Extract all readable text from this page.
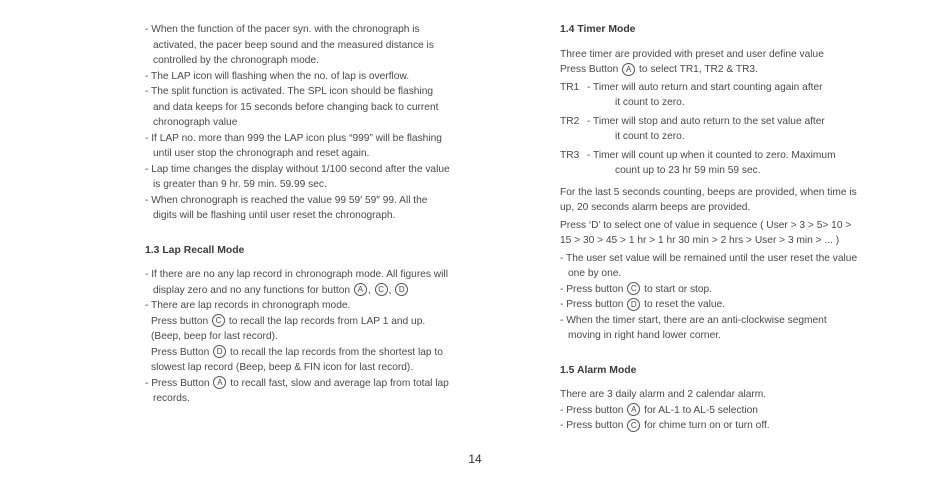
- When the function of the pacer syn. with the chronograph is activated, the pacer beep sound and the measured distance is controlled by the chronograph mode.

- The LAP icon will flashing when the no. of lap is overflow.

- The split function is activated. The SPL icon should be flashing and data keeps for 15 seconds before changing back to current chronograph value

- If LAP no. more than 999 the LAP icon plus “999” will be flashing until user stop the chronograph and reset again.

- Lap time changes the display without 1/100 second after the value is greater than 9 hr. 59 min. 59.99 sec.

- When chronograph is reached the value 99 59′ 59″ 99. All the digits will be flashing until user reset the chronograph.

1.3 Lap Recall Mode

- If there are no any lap record in chronograph mode. All figures will display zero and no any functions for button A , C , D

- There are lap records in chronograph mode.

Press button C to recall the lap records from LAP 1 and up. (Beep, beep for last record).

Press Button D to recall the lap records from the shortest lap to slowest lap record (Beep, beep & FIN icon for last record).

- Press Button A to recall fast, slow and average lap from total lap records.

1.4 Timer Mode

Three timer are provided with preset and user define value

Press Button A to select TR1, TR2 & TR3.

TR1 - Timer will auto return and start counting again after
it count to zero.
TR2 - Timer will stop and auto return to the set value after
it count to zero.
TR3 - Timer will count up when it counted to zero. Maximum
count up to 23 hr 59 min 59 sec.

For the last 5 seconds counting, beeps are provided, when time is up, 20 seconds alarm beeps are provided.

Press ‘D’ to select one of value in sequence ( User > 3 > 5> 10 > 15 > 30 > 45 > 1 hr > 1 hr 30 min > 2 hrs > User > 3 min > ... )

- The user set value will be remained until the user reset the value one by one.

- Press button C to start or stop.

- Press button D to reset the value.

- When the timer start, there are an anti-clockwise segment moving in right hand lower corner.

1.5 Alarm Mode

There are 3 daily alarm and 2 calendar alarm.

- Press button A for AL-1 to AL-5 selection

- Press button C for chime turn on or turn off.

14
